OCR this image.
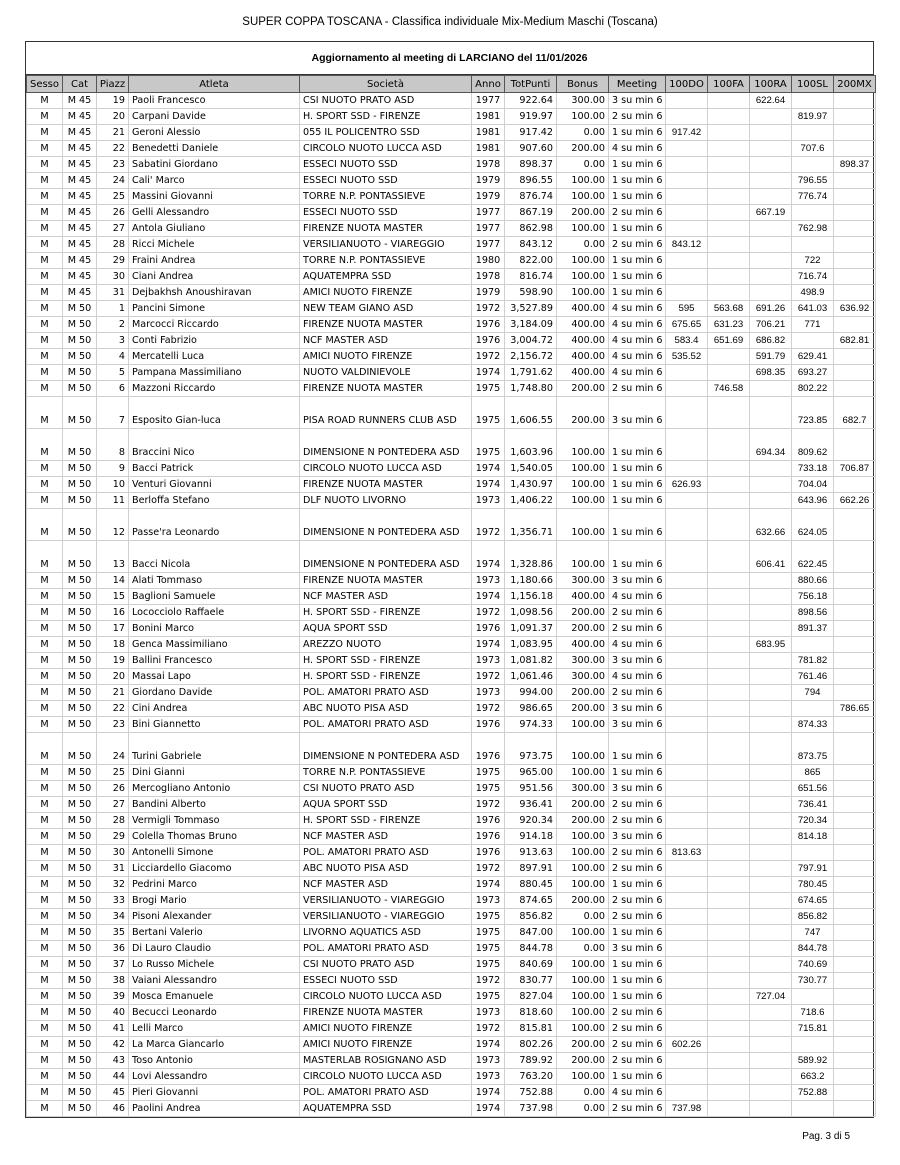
SUPER COPPA TOSCANA - Classifica individuale Mix-Medium Maschi (Toscana)
Aggiornamento al meeting di LARCIANO del 11/01/2026
Sesso	Cat	Piazz	Atleta	Società	Anno	TotPunti	Bonus	Meeting	100DO	100FA	100RA	100SL	200MX
M	M 45	19	Paoli Francesco	CSI NUOTO PRATO ASD	1977	922.64	300.00	3 su min 6			622.64		
M	M 45	20	Carpani Davide	H. SPORT SSD - FIRENZE	1981	919.97	100.00	2 su min 6				819.97	
M	M 45	21	Geroni Alessio	055 IL POLICENTRO SSD	1981	917.42	0.00	1 su min 6	917.42				
M	M 45	22	Benedetti Daniele	CIRCOLO NUOTO LUCCA ASD	1981	907.60	200.00	4 su min 6				707.6	
M	M 45	23	Sabatini Giordano	ESSECI NUOTO SSD	1978	898.37	0.00	1 su min 6					898.37
M	M 45	24	Cali' Marco	ESSECI NUOTO SSD	1979	896.55	100.00	1 su min 6				796.55	
M	M 45	25	Massini Giovanni	TORRE N.P. PONTASSIEVE	1979	876.74	100.00	1 su min 6				776.74	
M	M 45	26	Gelli Alessandro	ESSECI NUOTO SSD	1977	867.19	200.00	2 su min 6			667.19		
M	M 45	27	Antola Giuliano	FIRENZE NUOTA MASTER	1977	862.98	100.00	1 su min 6				762.98	
M	M 45	28	Ricci Michele	VERSILIANUOTO - VIAREGGIO	1977	843.12	0.00	2 su min 6	843.12				
M	M 45	29	Fraini Andrea	TORRE N.P. PONTASSIEVE	1980	822.00	100.00	1 su min 6				722	
M	M 45	30	Ciani Andrea	AQUATEMPRA SSD	1978	816.74	100.00	1 su min 6				716.74	
M	M 45	31	Dejbakhsh Anoushiravan	AMICI NUOTO FIRENZE	1979	598.90	100.00	1 su min 6				498.9	
M	M 50	1	Pancini Simone	NEW TEAM GIANO ASD	1972	3,527.89	400.00	4 su min 6	595	563.68	691.26	641.03	636.92
M	M 50	2	Marcocci Riccardo	FIRENZE NUOTA MASTER	1976	3,184.09	400.00	4 su min 6	675.65	631.23	706.21	771	
M	M 50	3	Conti Fabrizio	NCF MASTER ASD	1976	3,004.72	400.00	4 su min 6	583.4	651.69	686.82		682.81
M	M 50	4	Mercatelli Luca	AMICI NUOTO FIRENZE	1972	2,156.72	400.00	4 su min 6	535.52		591.79	629.41	
M	M 50	5	Pampana Massimiliano	NUOTO VALDINIEVOLE	1974	1,791.62	400.00	4 su min 6			698.35	693.27	
M	M 50	6	Mazzoni Riccardo	FIRENZE NUOTA MASTER	1975	1,748.80	200.00	2 su min 6		746.58		802.22	
M	M 50	7	Esposito Gian-luca	PISA ROAD RUNNERS CLUB ASD	1975	1,606.55	200.00	3 su min 6				723.85	682.7
M	M 50	8	Braccini Nico	DIMENSIONE N PONTEDERA ASD	1975	1,603.96	100.00	1 su min 6			694.34	809.62	
M	M 50	9	Bacci Patrick	CIRCOLO NUOTO LUCCA ASD	1974	1,540.05	100.00	1 su min 6				733.18	706.87
M	M 50	10	Venturi Giovanni	FIRENZE NUOTA MASTER	1974	1,430.97	100.00	1 su min 6	626.93			704.04	
M	M 50	11	Berloffa Stefano	DLF NUOTO LIVORNO	1973	1,406.22	100.00	1 su min 6				643.96	662.26
M	M 50	12	Passe'ra Leonardo	DIMENSIONE N PONTEDERA ASD	1972	1,356.71	100.00	1 su min 6			632.66	624.05	
M	M 50	13	Bacci Nicola	DIMENSIONE N PONTEDERA ASD	1974	1,328.86	100.00	1 su min 6			606.41	622.45	
M	M 50	14	Alati Tommaso	FIRENZE NUOTA MASTER	1973	1,180.66	300.00	3 su min 6				880.66	
M	M 50	15	Baglioni Samuele	NCF MASTER ASD	1974	1,156.18	400.00	4 su min 6				756.18	
M	M 50	16	Lococciolo Raffaele	H. SPORT SSD - FIRENZE	1972	1,098.56	200.00	2 su min 6				898.56	
M	M 50	17	Bonini Marco	AQUA SPORT SSD	1976	1,091.37	200.00	2 su min 6				891.37	
M	M 50	18	Genca Massimiliano	AREZZO NUOTO	1974	1,083.95	400.00	4 su min 6			683.95		
M	M 50	19	Ballini Francesco	H. SPORT SSD - FIRENZE	1973	1,081.82	300.00	3 su min 6				781.82	
M	M 50	20	Massai Lapo	H. SPORT SSD - FIRENZE	1972	1,061.46	300.00	4 su min 6				761.46	
M	M 50	21	Giordano Davide	POL. AMATORI PRATO ASD	1973	994.00	200.00	2 su min 6				794	
M	M 50	22	Cini Andrea	ABC NUOTO PISA ASD	1972	986.65	200.00	3 su min 6					786.65
M	M 50	23	Bini Giannetto	POL. AMATORI PRATO ASD	1976	974.33	100.00	3 su min 6				874.33	
M	M 50	24	Turini Gabriele	DIMENSIONE N PONTEDERA ASD	1976	973.75	100.00	1 su min 6				873.75	
M	M 50	25	Dini Gianni	TORRE N.P. PONTASSIEVE	1975	965.00	100.00	1 su min 6				865	
M	M 50	26	Mercogliano Antonio	CSI NUOTO PRATO ASD	1975	951.56	300.00	3 su min 6				651.56	
M	M 50	27	Bandini Alberto	AQUA SPORT SSD	1972	936.41	200.00	2 su min 6				736.41	
M	M 50	28	Vermigli Tommaso	H. SPORT SSD - FIRENZE	1976	920.34	200.00	2 su min 6				720.34	
M	M 50	29	Colella Thomas Bruno	NCF MASTER ASD	1976	914.18	100.00	3 su min 6				814.18	
M	M 50	30	Antonelli Simone	POL. AMATORI PRATO ASD	1976	913.63	100.00	2 su min 6	813.63				
M	M 50	31	Licciardello Giacomo	ABC NUOTO PISA ASD	1972	897.91	100.00	2 su min 6				797.91	
M	M 50	32	Pedrini Marco	NCF MASTER ASD	1974	880.45	100.00	1 su min 6				780.45	
M	M 50	33	Brogi Mario	VERSILIANUOTO - VIAREGGIO	1973	874.65	200.00	2 su min 6				674.65	
M	M 50	34	Pisoni Alexander	VERSILIANUOTO - VIAREGGIO	1975	856.82	0.00	2 su min 6				856.82	
M	M 50	35	Bertani Valerio	LIVORNO AQUATICS ASD	1975	847.00	100.00	1 su min 6				747	
M	M 50	36	Di Lauro Claudio	POL. AMATORI PRATO ASD	1975	844.78	0.00	3 su min 6				844.78	
M	M 50	37	Lo Russo Michele	CSI NUOTO PRATO ASD	1975	840.69	100.00	1 su min 6				740.69	
M	M 50	38	Vaiani Alessandro	ESSECI NUOTO SSD	1972	830.77	100.00	1 su min 6				730.77	
M	M 50	39	Mosca Emanuele	CIRCOLO NUOTO LUCCA ASD	1975	827.04	100.00	1 su min 6			727.04		
M	M 50	40	Becucci Leonardo	FIRENZE NUOTA MASTER	1973	818.60	100.00	2 su min 6				718.6	
M	M 50	41	Lelli Marco	AMICI NUOTO FIRENZE	1972	815.81	100.00	2 su min 6				715.81	
M	M 50	42	La Marca Giancarlo	AMICI NUOTO FIRENZE	1974	802.26	200.00	2 su min 6	602.26				
M	M 50	43	Toso Antonio	MASTERLAB ROSIGNANO ASD	1973	789.92	200.00	2 su min 6				589.92	
M	M 50	44	Lovi Alessandro	CIRCOLO NUOTO LUCCA ASD	1973	763.20	100.00	1 su min 6				663.2	
M	M 50	45	Pieri Giovanni	POL. AMATORI PRATO ASD	1974	752.88	0.00	4 su min 6				752.88	
M	M 50	46	Paolini Andrea	AQUATEMPRA SSD	1974	737.98	0.00	2 su min 6	737.98				
Pag. 3 di 5
